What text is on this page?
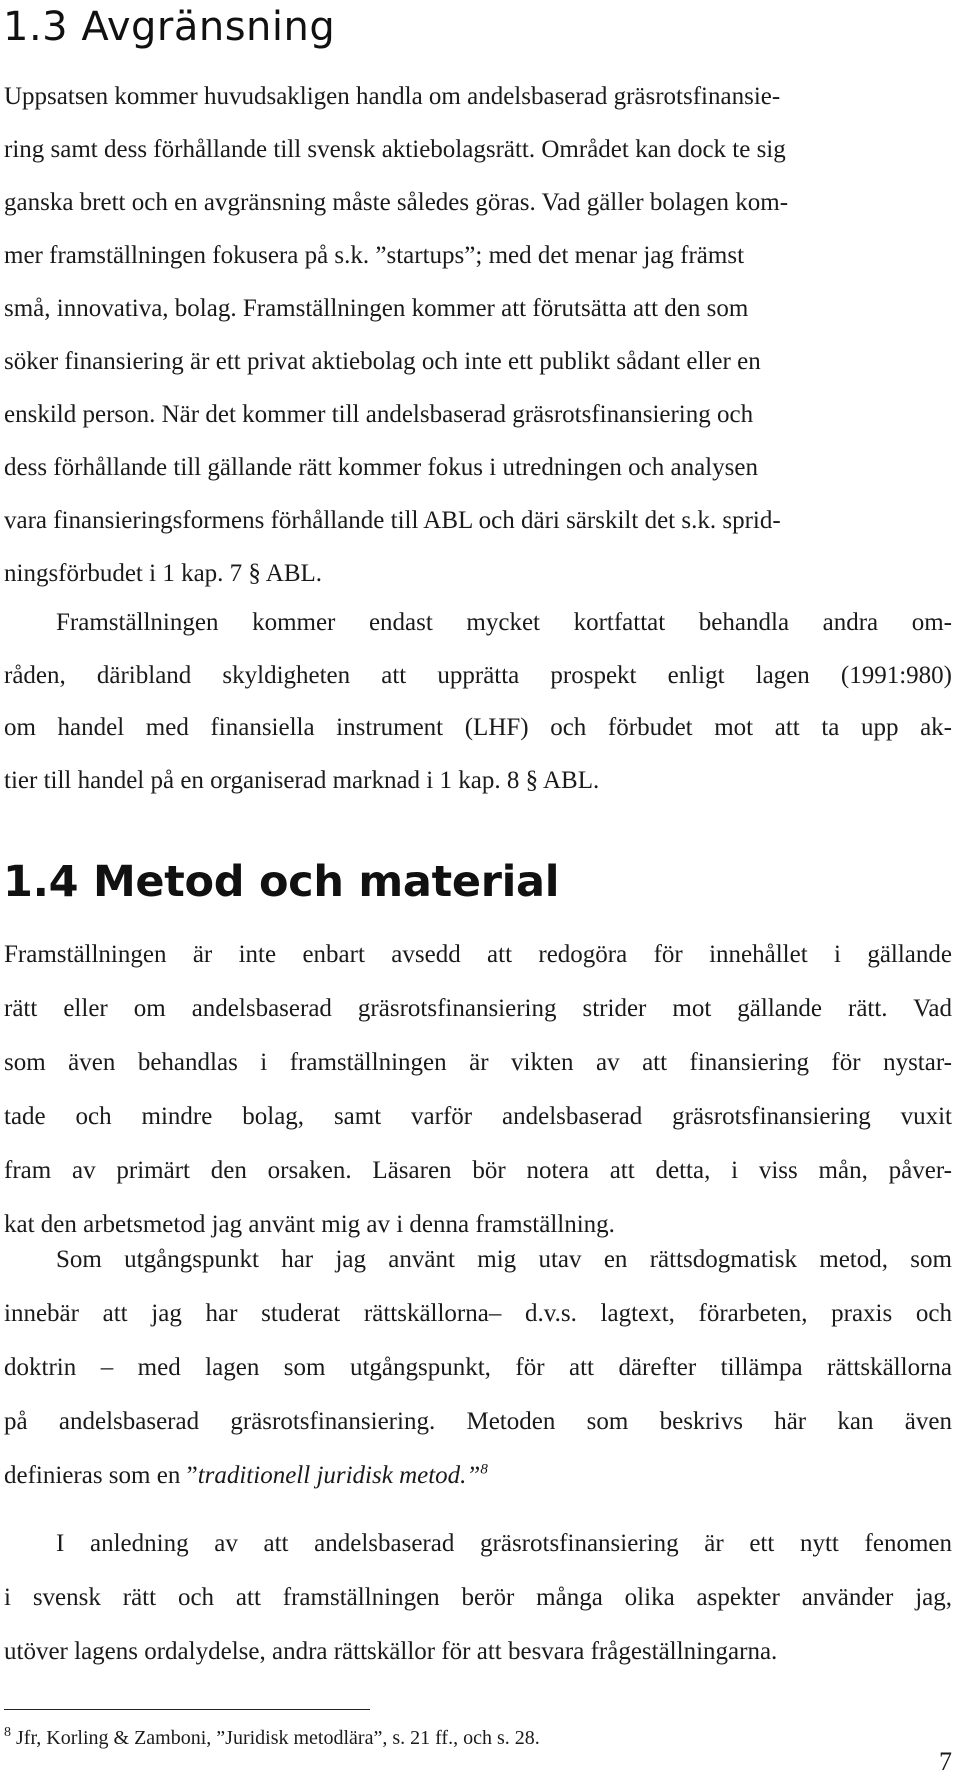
1.3 Avgränsning

Uppsatsen kommer huvudsakligen handla om andelsbaserad gräsrotsfinansie-
ring samt dess förhållande till svensk aktiebolagsrätt. Området kan dock te sig
ganska brett och en avgränsning måste således göras. Vad gäller bolagen kom-
mer framställningen fokusera på s.k. ”startups”; med det menar jag främst
små, innovativa, bolag. Framställningen kommer att förutsätta att den som
söker finansiering är ett privat aktiebolag och inte ett publikt sådant eller en
enskild person. När det kommer till andelsbaserad gräsrotsfinansiering och
dess förhållande till gällande rätt kommer fokus i utredningen och analysen
vara finansieringsformens förhållande till ABL och däri särskilt det s.k. sprid-
ningsförbudet i 1 kap. 7 § ABL.

Framställningen kommer endast mycket kortfattat behandla andra om-
råden, däribland skyldigheten att upprätta prospekt enligt lagen (1991:980)
om handel med finansiella instrument (LHF) och förbudet mot att ta upp ak-
tier till handel på en organiserad marknad i 1 kap. 8 § ABL.

1.4 Metod och material

Framställningen är inte enbart avsedd att redogöra för innehållet i gällande
rätt eller om andelsbaserad gräsrotsfinansiering strider mot gällande rätt. Vad
som även behandlas i framställningen är vikten av att finansiering för nystar-
tade och mindre bolag, samt varför andelsbaserad gräsrotsfinansiering vuxit
fram av primärt den orsaken. Läsaren bör notera att detta, i viss mån, påver-
kat den arbetsmetod jag använt mig av i denna framställning.

Som utgångspunkt har jag använt mig utav en rättsdogmatisk metod, som
innebär att jag har studerat rättskällorna– d.v.s. lagtext, förarbeten, praxis och
doktrin – med lagen som utgångspunkt, för att därefter tillämpa rättskällorna
på andelsbaserad gräsrotsfinansiering. Metoden som beskrivs här kan även
definieras som en ”traditionell juridisk metod.”$^8$

I anledning av att andelsbaserad gräsrotsfinansiering är ett nytt fenomen
i svensk rätt och att framställningen berör många olika aspekter använder jag,
utöver lagens ordalydelse, andra rättskällor för att besvara frågeställningarna.

$^8$ Jfr, Korling & Zamboni, ”Juridisk metodlära”, s. 21 ff., och s. 28.
7
